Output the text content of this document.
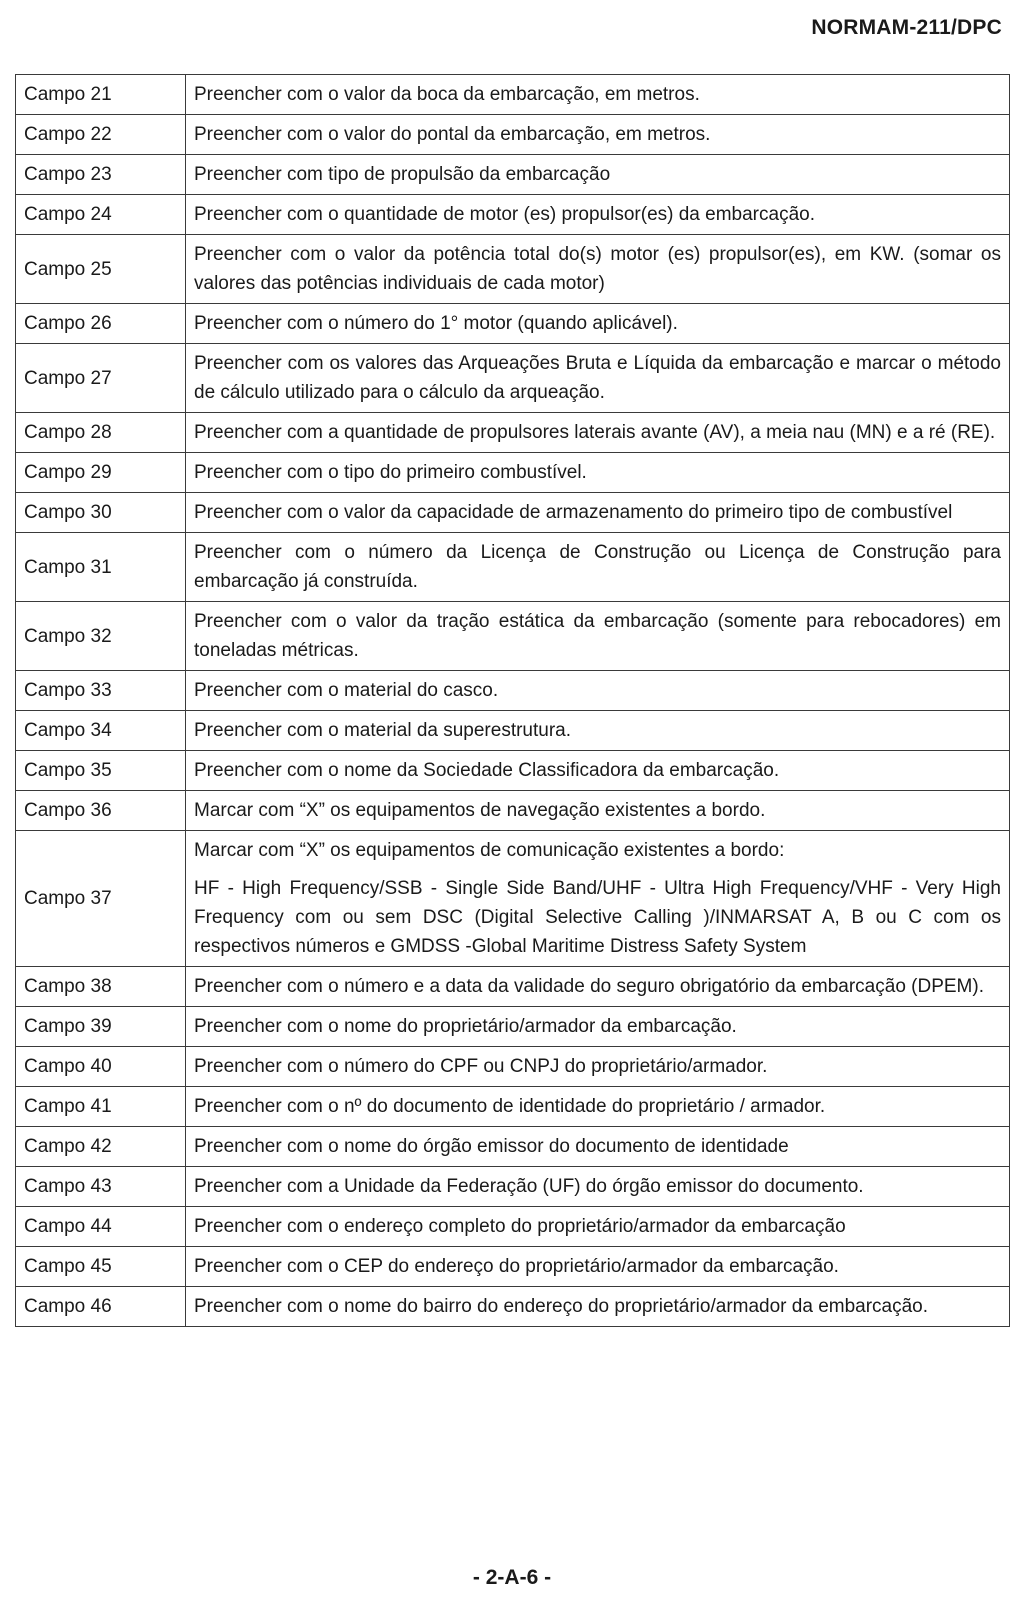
NORMAM-211/DPC
Campo 21	Preencher com o valor da boca da embarcação, em metros.

Campo 22	Preencher com o valor do pontal da embarcação, em metros.

Campo 23	Preencher com tipo de propulsão da embarcação

Campo 24	Preencher com o quantidade de motor (es) propulsor(es) da embarcação.

Campo 25	Preencher com o valor da potência total do(s) motor (es) propulsor(es), em KW. (somar os valores das potências individuais de cada motor)

Campo 26	Preencher com o número do 1° motor (quando aplicável).

Campo 27	Preencher com os valores das Arqueações Bruta e Líquida da embarcação e marcar o método de cálculo utilizado para o cálculo da arqueação.

Campo 28	Preencher com a quantidade de propulsores laterais avante (AV), a meia nau (MN) e a ré (RE).

Campo 29	Preencher com o tipo do primeiro combustível.

Campo 30	Preencher com o valor da capacidade de armazenamento do primeiro tipo de combustível

Campo 31	Preencher com o número da Licença de Construção ou Licença de Construção para embarcação já construída.

Campo 32	Preencher com o valor da tração estática da embarcação (somente para rebocadores) em toneladas métricas.

Campo 33	Preencher com o material do casco.

Campo 34	Preencher com o material da superestrutura.

Campo 35	Preencher com o nome da Sociedade Classificadora da embarcação.

Campo 36	Marcar com “X” os equipamentos de navegação existentes a bordo.

Campo 37	Marcar com “X” os equipamentos de comunicação existentes a bordo:

HF - High Frequency/SSB - Single Side Band/UHF - Ultra High Frequency/VHF - Very High Frequency com ou sem DSC (Digital Selective Calling )/INMARSAT A, B ou C com os respectivos números e GMDSS -Global Maritime Distress Safety System

Campo 38	Preencher com o número e a data da validade do seguro obrigatório da embarcação (DPEM).

Campo 39	Preencher com o nome do proprietário/armador da embarcação.

Campo 40	Preencher com o número do CPF ou CNPJ do proprietário/armador.

Campo 41	Preencher com o nº do documento de identidade do proprietário / armador.

Campo 42	Preencher com o nome do órgão emissor do documento de identidade

Campo 43	Preencher com a Unidade da Federação (UF) do órgão emissor do documento.

Campo 44	Preencher com o endereço completo do proprietário/armador da embarcação

Campo 45	Preencher com o CEP do endereço do proprietário/armador da embarcação.

Campo 46	Preencher com o nome do bairro do endereço do proprietário/armador da embarcação.

- 2-A-6 -
